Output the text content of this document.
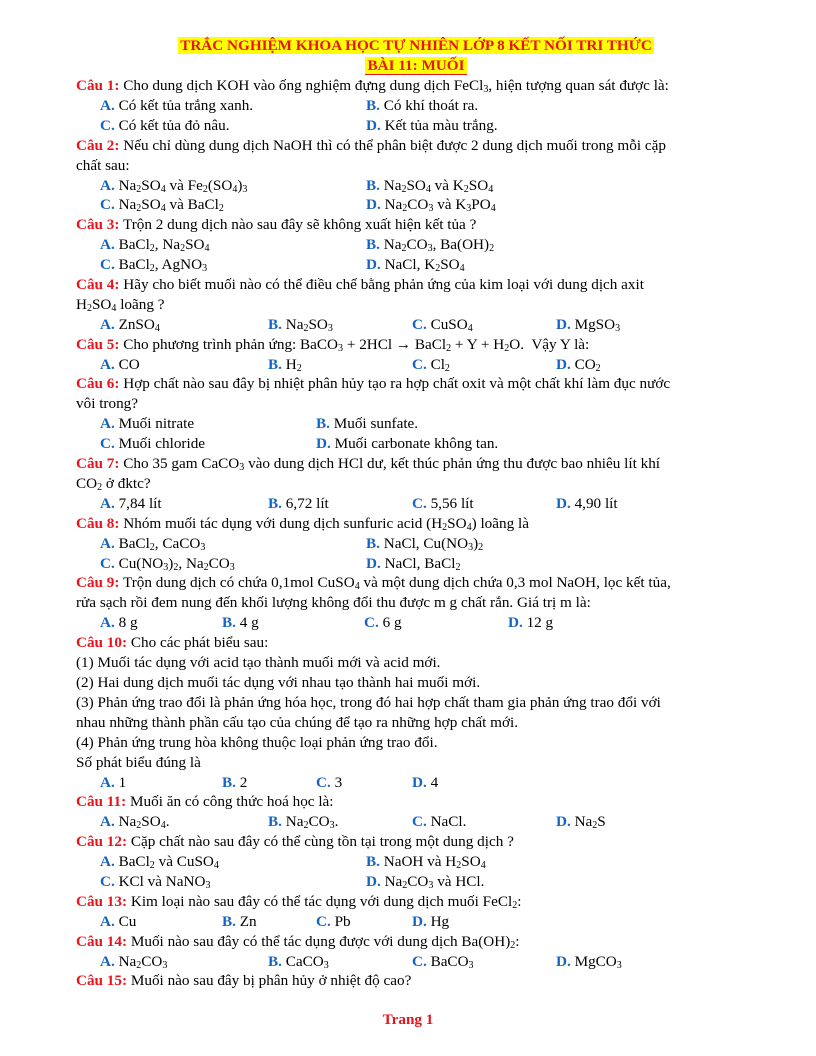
TRẮC NGHIỆM KHOA HỌC TỰ NHIÊN LỚP 8 KẾT NỐI TRI THỨC
BÀI 11: MUỐI
Câu 1: Cho dung dịch KOH vào ống nghiệm đựng dung dịch FeCl$_3$, hiện tượng quan sát được là:
A. Có kết tủa trắng xanh.	B. Có khí thoát ra.
C. Có kết tủa đỏ nâu.	D. Kết tủa màu trắng.
Câu 2: Nếu chỉ dùng dung dịch NaOH thì có thể phân biệt được 2 dung dịch muối trong mỗi cặp
chất sau:
A. $Na_2SO_4$ và $Fe_2(SO_4)_3$	B. $Na_2SO_4$ và $K_2SO_4$
C. $Na_2SO_4$ và BaCl$_2$	D. $Na_2CO_3$ và $K_3PO_4$
Câu 3: Trộn 2 dung dịch nào sau đây sẽ không xuất hiện kết tủa ?
A. BaCl$_2$, $Na_2SO_4$	B. $Na_2CO_3$, $Ba(OH)_2$
C. BaCl$_2$, AgNO$_3$	D. NaCl, $K_2SO_4$
Câu 4: Hãy cho biết muối nào có thể điều chế bằng phản ứng của kim loại với dung dịch axit
$H_2SO_4$ loãng ?
A. ZnSO$_4$	B. $Na_2SO_3$	C. CuSO$_4$	D. MgSO$_3$
Câu 5: Cho phương trình phản ứng: BaCO$_3$ + 2HCl → BaCl$_2$ + $Y + H_2O$.  Vậy Y là:
A. CO	B. $H_2$	C. $Cl_2$	D. $CO_2$
Câu 6: Hợp chất nào sau đây bị nhiệt phân hủy tạo ra hợp chất oxit và một chất khí làm đục nước
vôi trong?
A. Muối nitrate	B. Muối sunfate.
C. Muối chloride	D. Muối carbonate không tan.
Câu 7: Cho 35 gam CaCO$_3$ vào dung dịch HCl dư, kết thúc phản ứng thu được bao nhiêu lít khí
$CO_2$ ở đktc?
A. 7,84 lít	B. 6,72 lít	C. 5,56 lít	D. 4,90 lít
Câu 8: Nhóm muối tác dụng với dung dịch sunfuric acid $(H_2SO_4)$ loãng là
A. BaCl$_2$, CaCO$_3$	B. NaCl, $Cu(NO_3)_2$
C. $Cu(NO_3)_2$, $Na_2CO_3$	D. NaCl, BaCl$_2$
Câu 9: Trộn dung dịch có chứa 0,1mol CuSO$_4$ và một dung dịch chứa 0,3 mol NaOH, lọc kết tủa,
rửa sạch rồi đem nung đến khối lượng không đổi thu được m g chất rắn. Giá trị m là:
A. 8 g	B. 4 g	C. 6 g	D. 12 g
Câu 10: Cho các phát biểu sau:
(1) Muối tác dụng với acid tạo thành muối mới và acid mới.
(2) Hai dung dịch muối tác dụng với nhau tạo thành hai muối mới.
(3) Phản ứng trao đổi là phản ứng hóa học, trong đó hai hợp chất tham gia phản ứng trao đổi với
nhau những thành phần cấu tạo của chúng để tạo ra những hợp chất mới.
(4) Phản ứng trung hòa không thuộc loại phản ứng trao đổi.
Số phát biểu đúng là
A. 1	B. 2	C. 3	D. 4
Câu 11: Muối ăn có công thức hoá học là:
A. $Na_2SO_4$.	B. $Na_2CO_3$.	C. NaCl.	D. $Na_2S$
Câu 12: Cặp chất nào sau đây có thể cùng tồn tại trong một dung dịch ?
A. BaCl$_2$ và CuSO$_4$	B. NaOH và $H_2SO_4$
C. KCl và NaNO$_3$	D. $Na_2CO_3$ và HCl.
Câu 13: Kim loại nào sau đây có thể tác dụng với dung dịch muối FeCl$_2$:
A. Cu	B. Zn	C. Pb	D. Hg
Câu 14: Muối nào sau đây có thể tác dụng được với dung dịch $Ba(OH)_2$:
A. $Na_2CO_3$	B. CaCO$_3$	C. BaCO$_3$	D. MgCO$_3$
Câu 15: Muối nào sau đây bị phân hủy ở nhiệt độ cao?
Trang 1
